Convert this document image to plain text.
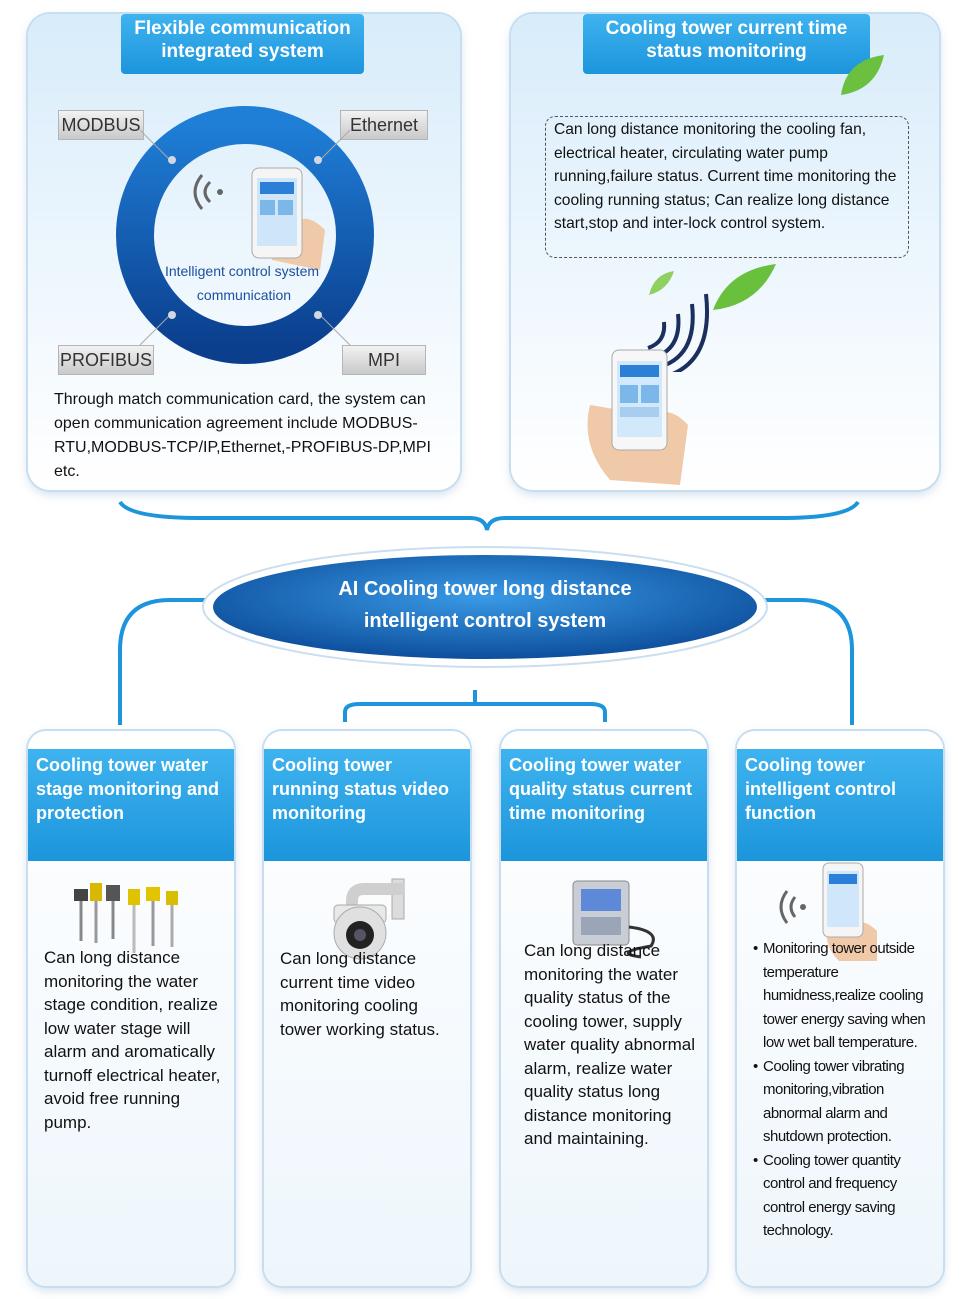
Flexible communication integrated system
MODBUS	Ethernet
PROFIBUS	MPI
Intelligent control system
communication
Through match communication card, the system can open communication agreement include MODBUS-RTU,MODBUS-TCP/IP,Ethernet,-PROFIBUS-DP,MPI etc.
Cooling tower current time status monitoring
Can long distance monitoring the cooling fan, electrical heater, circulating water pump running,failure status. Current time monitoring the cooling running status; Can realize long distance start,stop and inter-lock control system.
AI Cooling tower long distance
intelligent control system
Cooling tower water stage monitoring and protection
Can long distance monitoring the water stage condition, realize low water stage will alarm and aromatically turnoff electrical heater, avoid free running pump.
Cooling tower running status video monitoring
Can long distance current time video monitoring cooling tower working status.
Cooling tower water quality status current time monitoring
Can long distance monitoring the water quality status of the cooling tower, supply water quality abnormal alarm, realize water quality status long distance monitoring and maintaining.
Cooling tower intelligent control function
• Monitoring tower outside temperature humidness,realize cooling tower energy saving when low wet ball temperature.
• Cooling tower vibrating monitoring,vibration abnormal alarm and shutdown protection.
• Cooling tower quantity control and frequency control energy saving technology.
